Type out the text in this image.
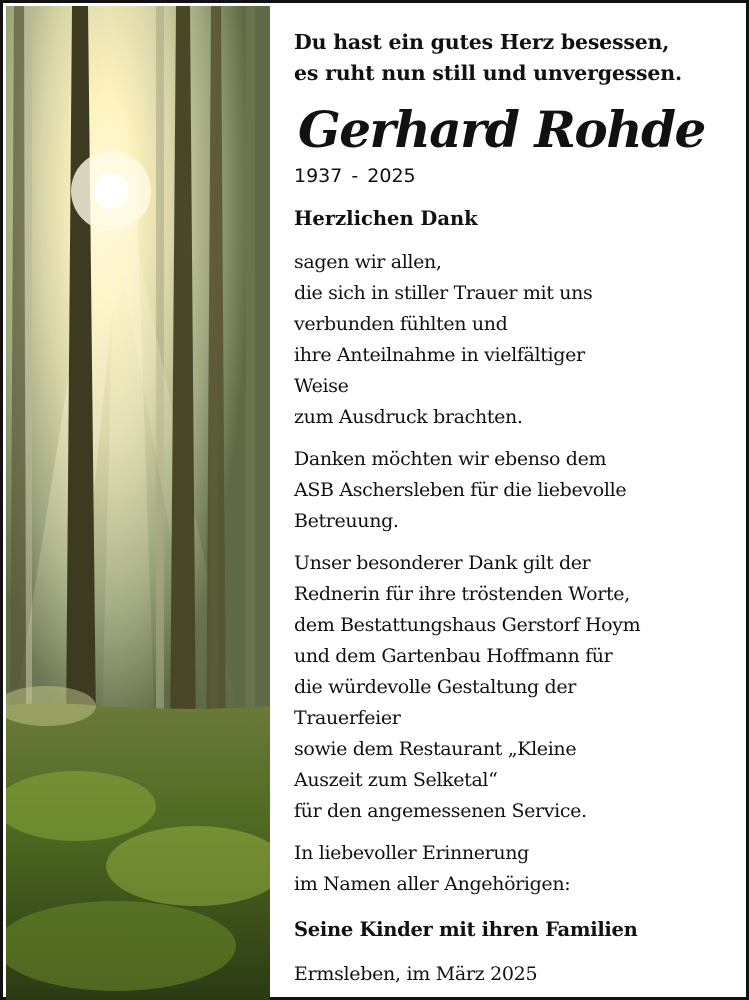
Du hast ein gutes Herz besessen,
es ruht nun still und unvergessen.

Gerhard Rohde
1937 - 2025
Herzlichen Dank

sagen wir allen,
die sich in stiller Trauer mit uns
verbunden fühlten und
ihre Anteilnahme in vielfältiger
Weise
zum Ausdruck brachten.

Danken möchten wir ebenso dem
ASB Aschersleben für die liebevolle
Betreuung.

Unser besonderer Dank gilt der
Rednerin für ihre tröstenden Worte,
dem Bestattungshaus Gerstorf Hoym
und dem Gartenbau Hoffmann für
die würdevolle Gestaltung der
Trauerfeier
sowie dem Restaurant „Kleine
Auszeit zum Selketal“
für den angemessenen Service.

In liebevoller Erinnerung
im Namen aller Angehörigen:

Seine Kinder mit ihren Familien
Ermsleben, im März 2025
